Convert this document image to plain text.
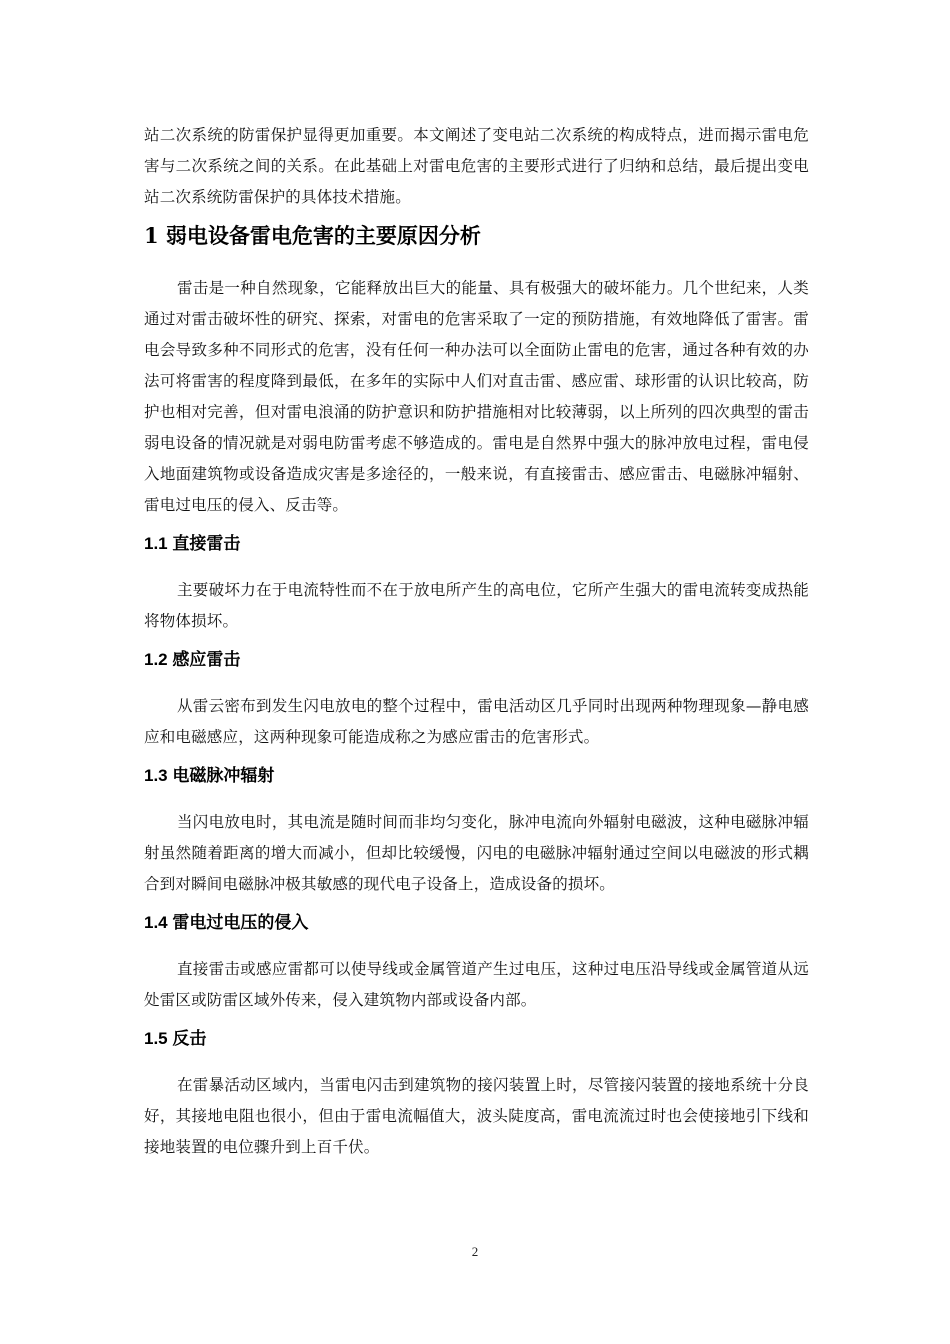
站二次系统的防雷保护显得更加重要。本文阐述了变电站二次系统的构成特点，进而揭示雷电危害与二次系统之间的关系。在此基础上对雷电危害的主要形式进行了归纳和总结，最后提出变电站二次系统防雷保护的具体技术措施。

1 弱电设备雷电危害的主要原因分析

雷击是一种自然现象，它能释放出巨大的能量、具有极强大的破坏能力。几个世纪来，人类通过对雷击破坏性的研究、探索，对雷电的危害采取了一定的预防措施，有效地降低了雷害。雷电会导致多种不同形式的危害，没有任何一种办法可以全面防止雷电的危害，通过各种有效的办法可将雷害的程度降到最低，在多年的实际中人们对直击雷、感应雷、球形雷的认识比较高，防护也相对完善，但对雷电浪涌的防护意识和防护措施相对比较薄弱，以上所列的四次典型的雷击弱电设备的情况就是对弱电防雷考虑不够造成的。雷电是自然界中强大的脉冲放电过程，雷电侵入地面建筑物或设备造成灾害是多途径的，一般来说，有直接雷击、感应雷击、电磁脉冲辐射、雷电过电压的侵入、反击等。

1.1 直接雷击

主要破坏力在于电流特性而不在于放电所产生的高电位，它所产生强大的雷电流转变成热能将物体损坏。

1.2 感应雷击

从雷云密布到发生闪电放电的整个过程中，雷电活动区几乎同时出现两种物理现象—静电感应和电磁感应，这两种现象可能造成称之为感应雷击的危害形式。

1.3 电磁脉冲辐射

当闪电放电时，其电流是随时间而非均匀变化，脉冲电流向外辐射电磁波，这种电磁脉冲辐射虽然随着距离的增大而减小，但却比较缓慢，闪电的电磁脉冲辐射通过空间以电磁波的形式耦合到对瞬间电磁脉冲极其敏感的现代电子设备上，造成设备的损坏。

1.4 雷电过电压的侵入

直接雷击或感应雷都可以使导线或金属管道产生过电压，这种过电压沿导线或金属管道从远处雷区或防雷区域外传来，侵入建筑物内部或设备内部。

1.5 反击

在雷暴活动区域内，当雷电闪击到建筑物的接闪装置上时，尽管接闪装置的接地系统十分良好，其接地电阻也很小，但由于雷电流幅值大，波头陡度高，雷电流流过时也会使接地引下线和接地装置的电位骤升到上百千伏。

2
